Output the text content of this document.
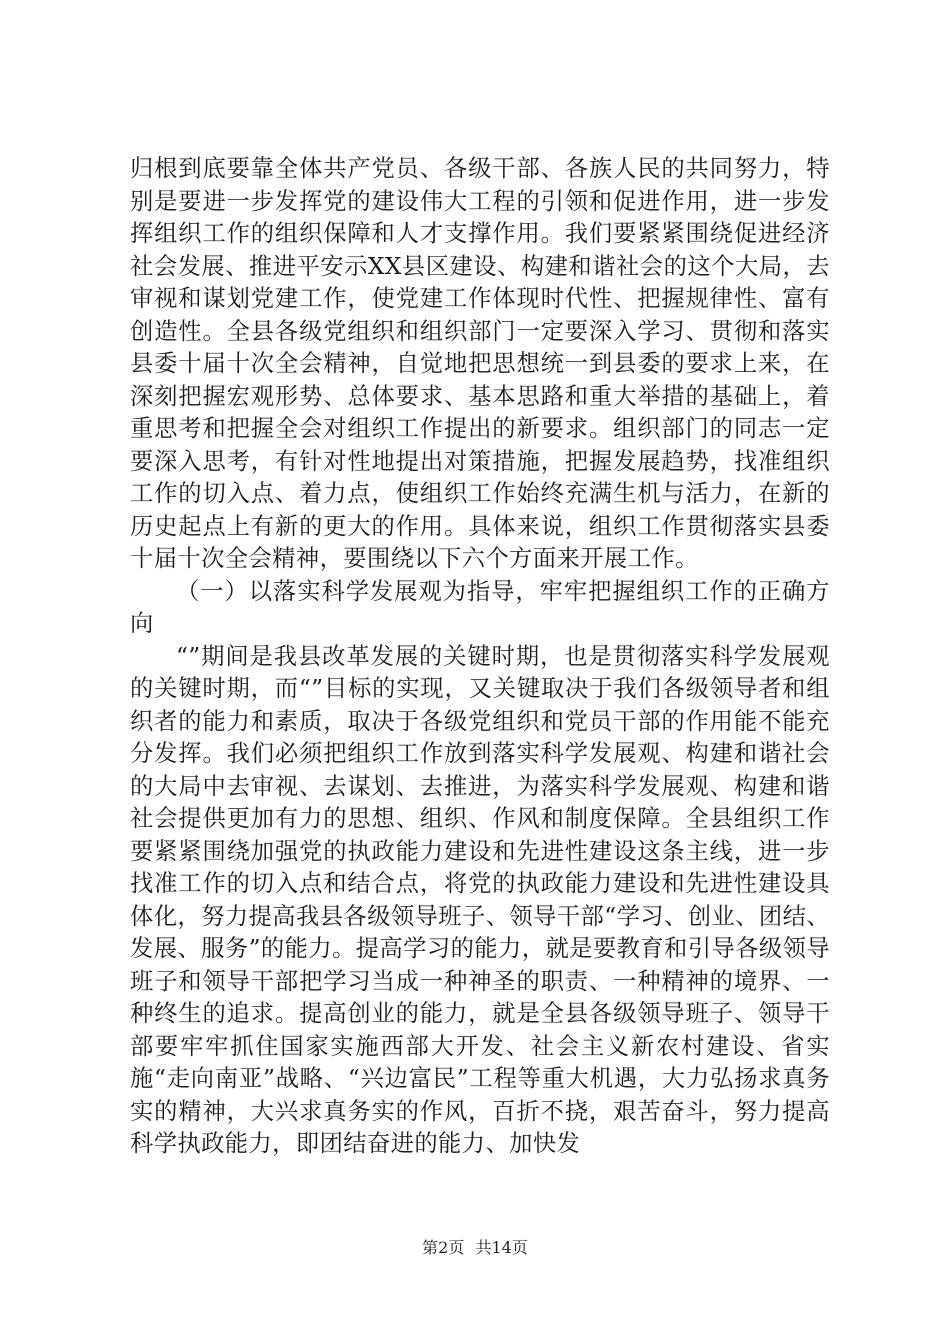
归根到底要靠全体共产党员、各级干部、各族人民的共同努力，特别是要进一步发挥党的建设伟大工程的引领和促进作用，进一步发挥组织工作的组织保障和人才支撑作用。我们要紧紧围绕促进经济社会发展、推进平安示XX县区建设、构建和谐社会的这个大局，去审视和谋划党建工作，使党建工作体现时代性、把握规律性、富有创造性。全县各级党组织和组织部门一定要深入学习、贯彻和落实县委十届十次全会精神，自觉地把思想统一到县委的要求上来，在深刻把握宏观形势、总体要求、基本思路和重大举措的基础上，着重思考和把握全会对组织工作提出的新要求。组织部门的同志一定要深入思考，有针对性地提出对策措施，把握发展趋势，找准组织工作的切入点、着力点，使组织工作始终充满生机与活力，在新的历史起点上有新的更大的作用。具体来说，组织工作贯彻落实县委十届十次全会精神，要围绕以下六个方面来开展工作。

（一）以落实科学发展观为指导，牢牢把握组织工作的正确方向

“”期间是我县改革发展的关键时期，也是贯彻落实科学发展观的关键时期，而“”目标的实现，又关键取决于我们各级领导者和组织者的能力和素质，取决于各级党组织和党员干部的作用能不能充分发挥。我们必须把组织工作放到落实科学发展观、构建和谐社会的大局中去审视、去谋划、去推进，为落实科学发展观、构建和谐社会提供更加有力的思想、组织、作风和制度保障。全县组织工作要紧紧围绕加强党的执政能力建设和先进性建设这条主线，进一步找准工作的切入点和结合点，将党的执政能力建设和先进性建设具体化，努力提高我县各级领导班子、领导干部“学习、创业、团结、发展、服务”的能力。提高学习的能力，就是要教育和引导各级领导班子和领导干部把学习当成一种神圣的职责、一种精神的境界、一种终生的追求。提高创业的能力，就是全县各级领导班子、领导干部要牢牢抓住国家实施西部大开发、社会主义新农村建设、省实施“走向南亚”战略、“兴边富民”工程等重大机遇，大力弘扬求真务实的精神，大兴求真务实的作风，百折不挠，艰苦奋斗，努力提高科学执政能力，即团结奋进的能力、加快发

第2页 共14页
